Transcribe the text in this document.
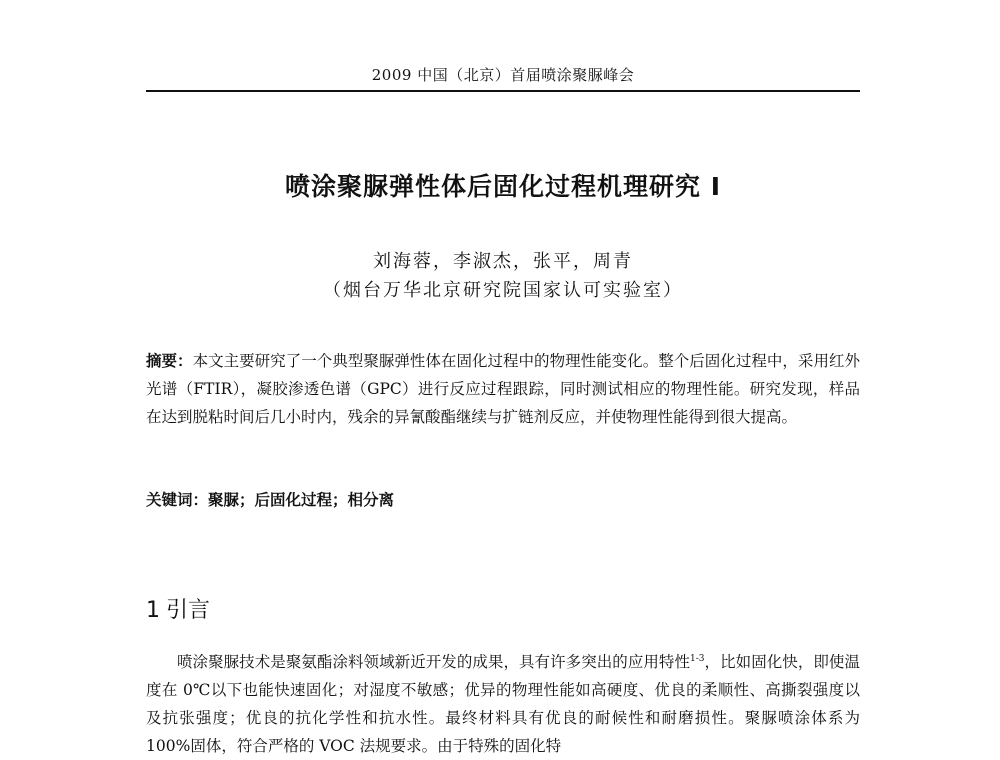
2009 中国（北京）首届喷涂聚脲峰会
喷涂聚脲弹性体后固化过程机理研究 I
刘海蓉，李淑杰，张平，周青
（烟台万华北京研究院国家认可实验室）
摘要：本文主要研究了一个典型聚脲弹性体在固化过程中的物理性能变化。整个后固化过程中，采用红外光谱（FTIR），凝胶渗透色谱（GPC）进行反应过程跟踪，同时测试相应的物理性能。研究发现，样品在达到脱粘时间后几小时内，残余的异氰酸酯继续与扩链剂反应，并使物理性能得到很大提高。
关键词：聚脲；后固化过程；相分离
1 引言
喷涂聚脲技术是聚氨酯涂料领域新近开发的成果，具有许多突出的应用特性$^{1-3}$，比如固化快，即使温度在 0℃以下也能快速固化；对湿度不敏感；优异的物理性能如高硬度、优良的柔顺性、高撕裂强度以及抗张强度；优良的抗化学性和抗水性。最终材料具有优良的耐候性和耐磨损性。聚脲喷涂体系为 100%固体，符合严格的 VOC 法规要求。由于特殊的固化特
